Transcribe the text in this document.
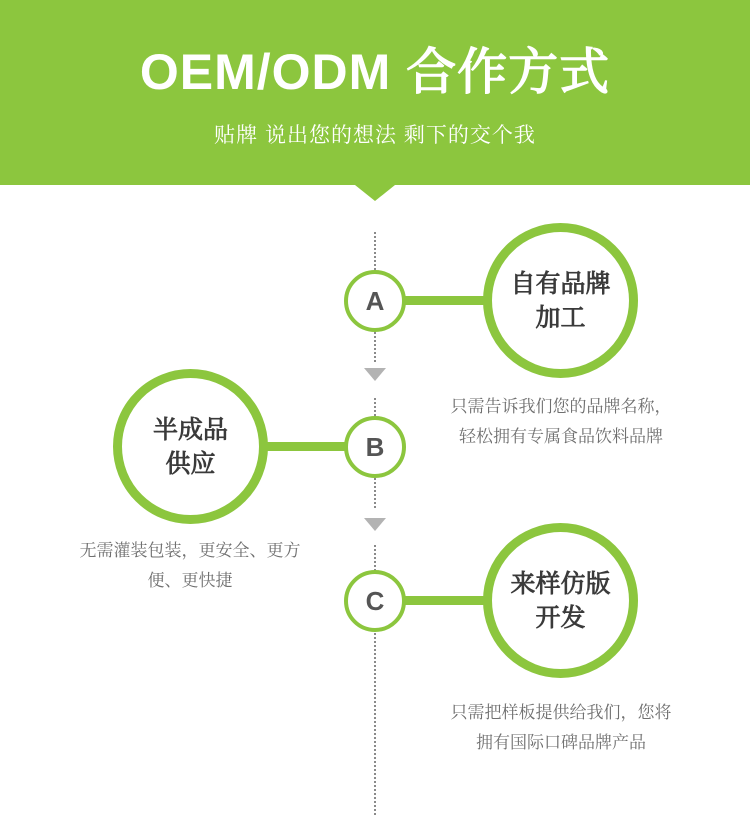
OEM/ODM 合作方式
贴牌 说出您的想法 剩下的交个我
A
自有品牌
加工
只需告诉我们您的品牌名称，轻松拥有专属食品饮料品牌
B
半成品
供应
无需灌装包装，更安全、更方便、更快捷
C
来样仿版
开发
只需把样板提供给我们，您将拥有国际口碑品牌产品
